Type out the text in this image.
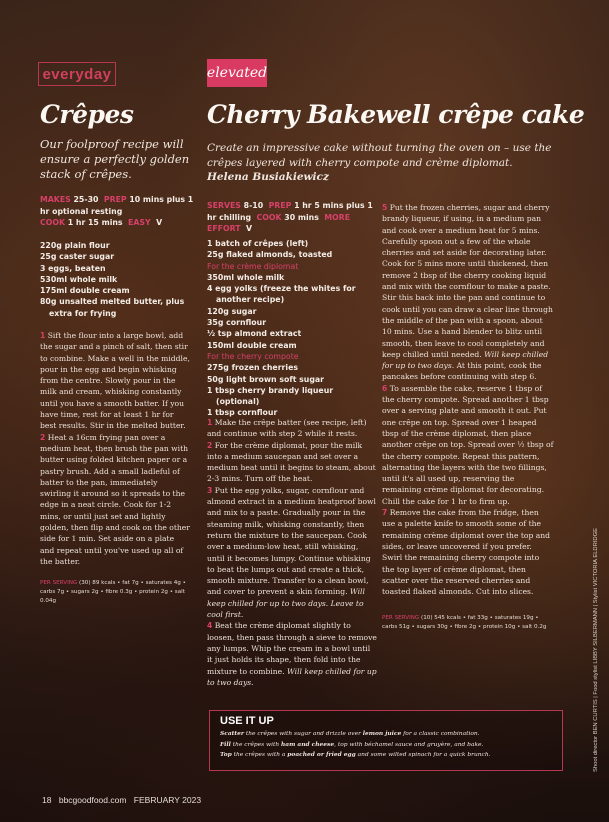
everyday
Crêpes
Our foolproof recipe will ensure a perfectly golden stack of crêpes.
MAKES 25-30 PREP 10 mins plus 1 hr optional resting
COOK 1 hr 15 mins EASY V
220g plain flour
25g caster sugar
3 eggs, beaten
530ml whole milk
175ml double cream
80g unsalted melted butter, plus extra for frying

1 Sift the flour into a large bowl, add the sugar and a pinch of salt, then stir to combine. Make a well in the middle, pour in the egg and begin whisking from the centre. Slowly pour in the milk and cream, whisking constantly until you have a smooth batter. If you have time, rest for at least 1 hr for best results. Stir in the melted butter.

2 Heat a 16cm frying pan over a medium heat, then brush the pan with butter using folded kitchen paper or a pastry brush. Add a small ladleful of batter to the pan, immediately swirling it around so it spreads to the edge in a neat circle. Cook for 1-2 mins, or until just set and lightly golden, then flip and cook on the other side for 1 min. Set aside on a plate and repeat until you've used up all of the batter.

PER SERVING (30) 89 kcals • fat 7g • saturates 4g • carbs 7g • sugars 2g • fibre 0.3g • protein 2g • salt 0.04g
elevated
Cherry Bakewell crêpe cake
Create an impressive cake without turning the oven on – use the crêpes layered with cherry compote and crème diplomat.
Helena Busiakiewicz
SERVES 8-10 PREP 1 hr 5 mins plus 1 hr chilling COOK 30 mins MORE EFFORT V
1 batch of crêpes (left)
25g flaked almonds, toasted
For the crème diplomat
350ml whole milk
4 egg yolks (freeze the whites for another recipe)
120g sugar
35g cornflour
½ tsp almond extract
150ml double cream
For the cherry compote
275g frozen cherries
50g light brown soft sugar
1 tbsp cherry brandy liqueur (optional)
1 tbsp cornflour

1 Make the crêpe batter (see recipe, left) and continue with step 2 while it rests.

2 For the crème diplomat, pour the milk into a medium saucepan and set over a medium heat until it begins to steam, about 2-3 mins. Turn off the heat.

3 Put the egg yolks, sugar, cornflour and almond extract in a medium heatproof bowl and mix to a paste. Gradually pour in the steaming milk, whisking constantly, then return the mixture to the saucepan. Cook over a medium-low heat, still whisking, until it becomes lumpy. Continue whisking to beat the lumps out and create a thick, smooth mixture. Transfer to a clean bowl, and cover to prevent a skin forming. Will keep chilled for up to two days. Leave to cool first.

4 Beat the crème diplomat slightly to loosen, then pass through a sieve to remove any lumps. Whip the cream in a bowl until it just holds its shape, then fold into the mixture to combine. Will keep chilled for up to two days.

5 Put the frozen cherries, sugar and cherry brandy liqueur, if using, in a medium pan and cook over a medium heat for 5 mins. Carefully spoon out a few of the whole cherries and set aside for decorating later. Cook for 5 mins more until thickened, then remove 2 tbsp of the cherry cooking liquid and mix with the cornflour to make a paste. Stir this back into the pan and continue to cook until you can draw a clear line through the middle of the pan with a spoon, about 10 mins. Use a hand blender to blitz until smooth, then leave to cool completely and keep chilled until needed. Will keep chilled for up to two days. At this point, cook the pancakes before continuing with step 6.

6 To assemble the cake, reserve 1 tbsp of the cherry compote. Spread another 1 tbsp over a serving plate and smooth it out. Put one crêpe on top. Spread over 1 heaped tbsp of the crème diplomat, then place another crêpe on top. Spread over ½ tbsp of the cherry compote. Repeat this pattern, alternating the layers with the two fillings, until it's all used up, reserving the remaining crème diplomat for decorating. Chill the cake for 1 hr to firm up.

7 Remove the cake from the fridge, then use a palette knife to smooth some of the remaining crème diplomat over the top and sides, or leave uncovered if you prefer. Swirl the remaining cherry compote into the top layer of crème diplomat, then scatter over the reserved cherries and toasted flaked almonds. Cut into slices.

PER SERVING (10) 545 kcals • fat 33g • saturates 19g • carbs 51g • sugars 30g • fibre 2g • protein 10g • salt 0.2g
USE IT UP
Scatter the crêpes with sugar and drizzle over lemon juice for a classic combination.
Fill the crêpes with ham and cheese, top with béchamel sauce and gruyère, and bake.
Top the crêpes with a poached or fried egg and some wilted spinach for a quick brunch.
18 bbcgoodfood.com FEBRUARY 2023
Shoot director BEN CURTIS | Food stylist LIBBY SILBERMANN | Stylist VICTORIA ELDRIDGE
